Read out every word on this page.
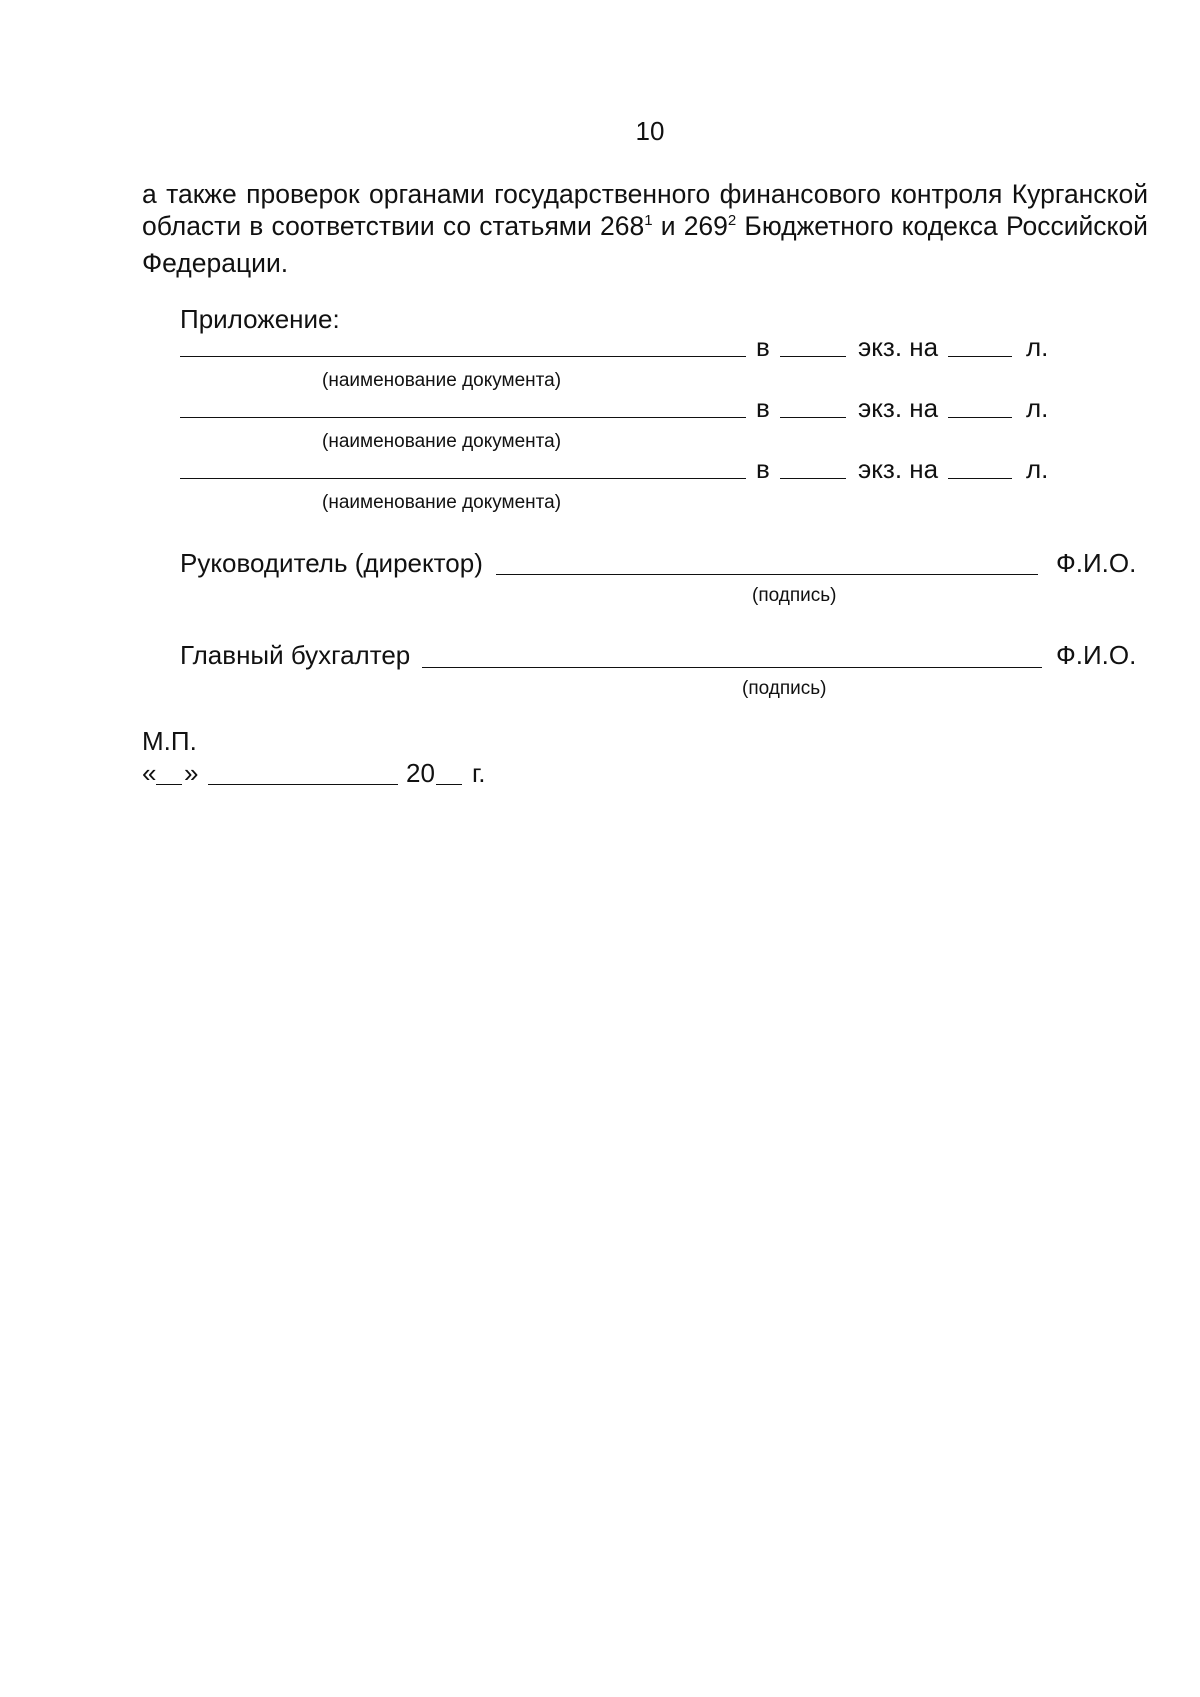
10
а также проверок органами государственного финансового контроля Курганской
области в соответствии со статьями $268^1$ и $269^2$ Бюджетного кодекса Российской
Федерации.
Приложение:
в	экз. на	л.
(наименование документа)
в	экз. на	л.
(наименование документа)
в	экз. на	л.
(наименование документа)
Руководитель (директор)	Ф.И.О.
(подпись)
Главный бухгалтер	Ф.И.О.
(подпись)
М.П.
« »	20 г.
